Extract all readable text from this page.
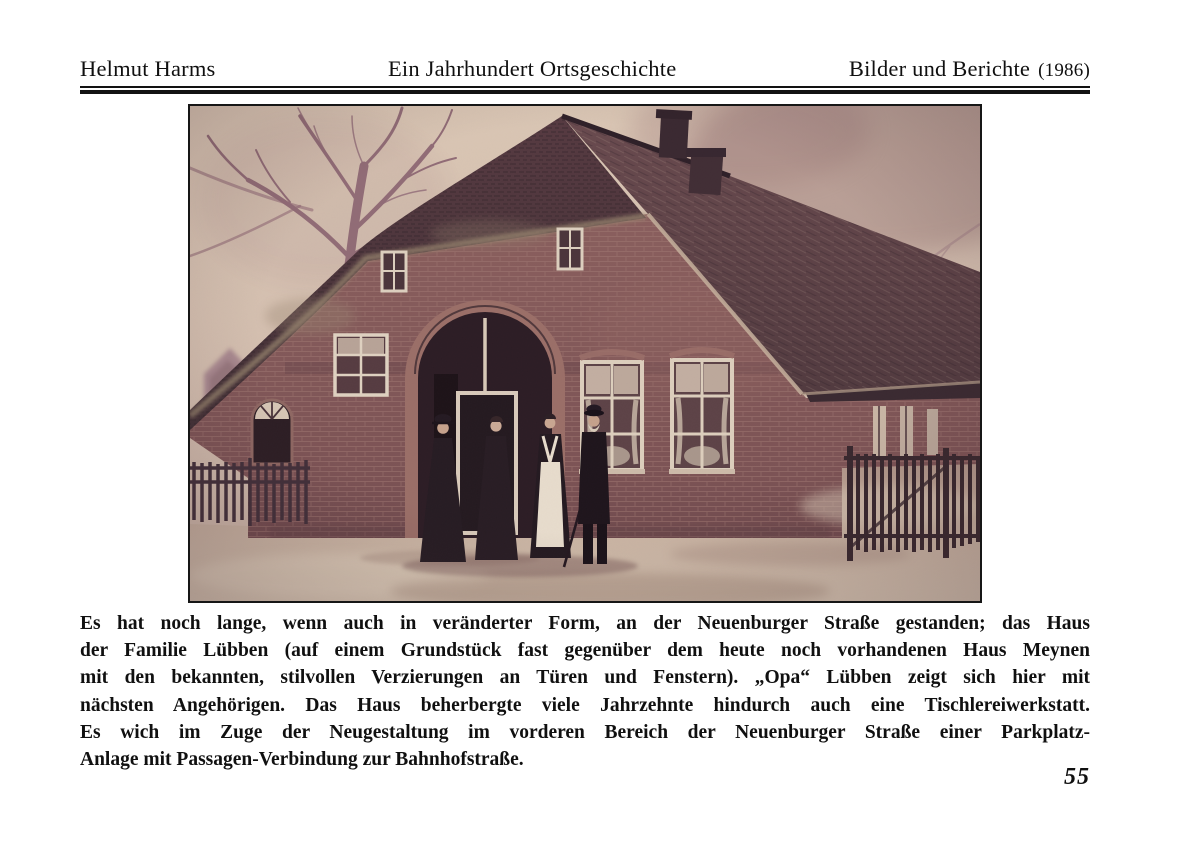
Helmut Harms	Ein Jahrhundert Ortsgeschichte	Bilder und Berichte (1986)
Es hat noch lange, wenn auch in veränderter Form, an der Neuenburger Straße gestanden; das Haus
der Familie Lübben (auf einem Grundstück fast gegenüber dem heute noch vorhandenen Haus Meynen
mit den bekannten, stilvollen Verzierungen an Türen und Fenstern). „Opa“ Lübben zeigt sich hier mit
nächsten Angehörigen. Das Haus beherbergte viele Jahrzehnte hindurch auch eine Tischlereiwerkstatt.
Es wich im Zuge der Neugestaltung im vorderen Bereich der Neuenburger Straße einer Parkplatz-
Anlage mit Passagen-Verbindung zur Bahnhofstraße.
55
